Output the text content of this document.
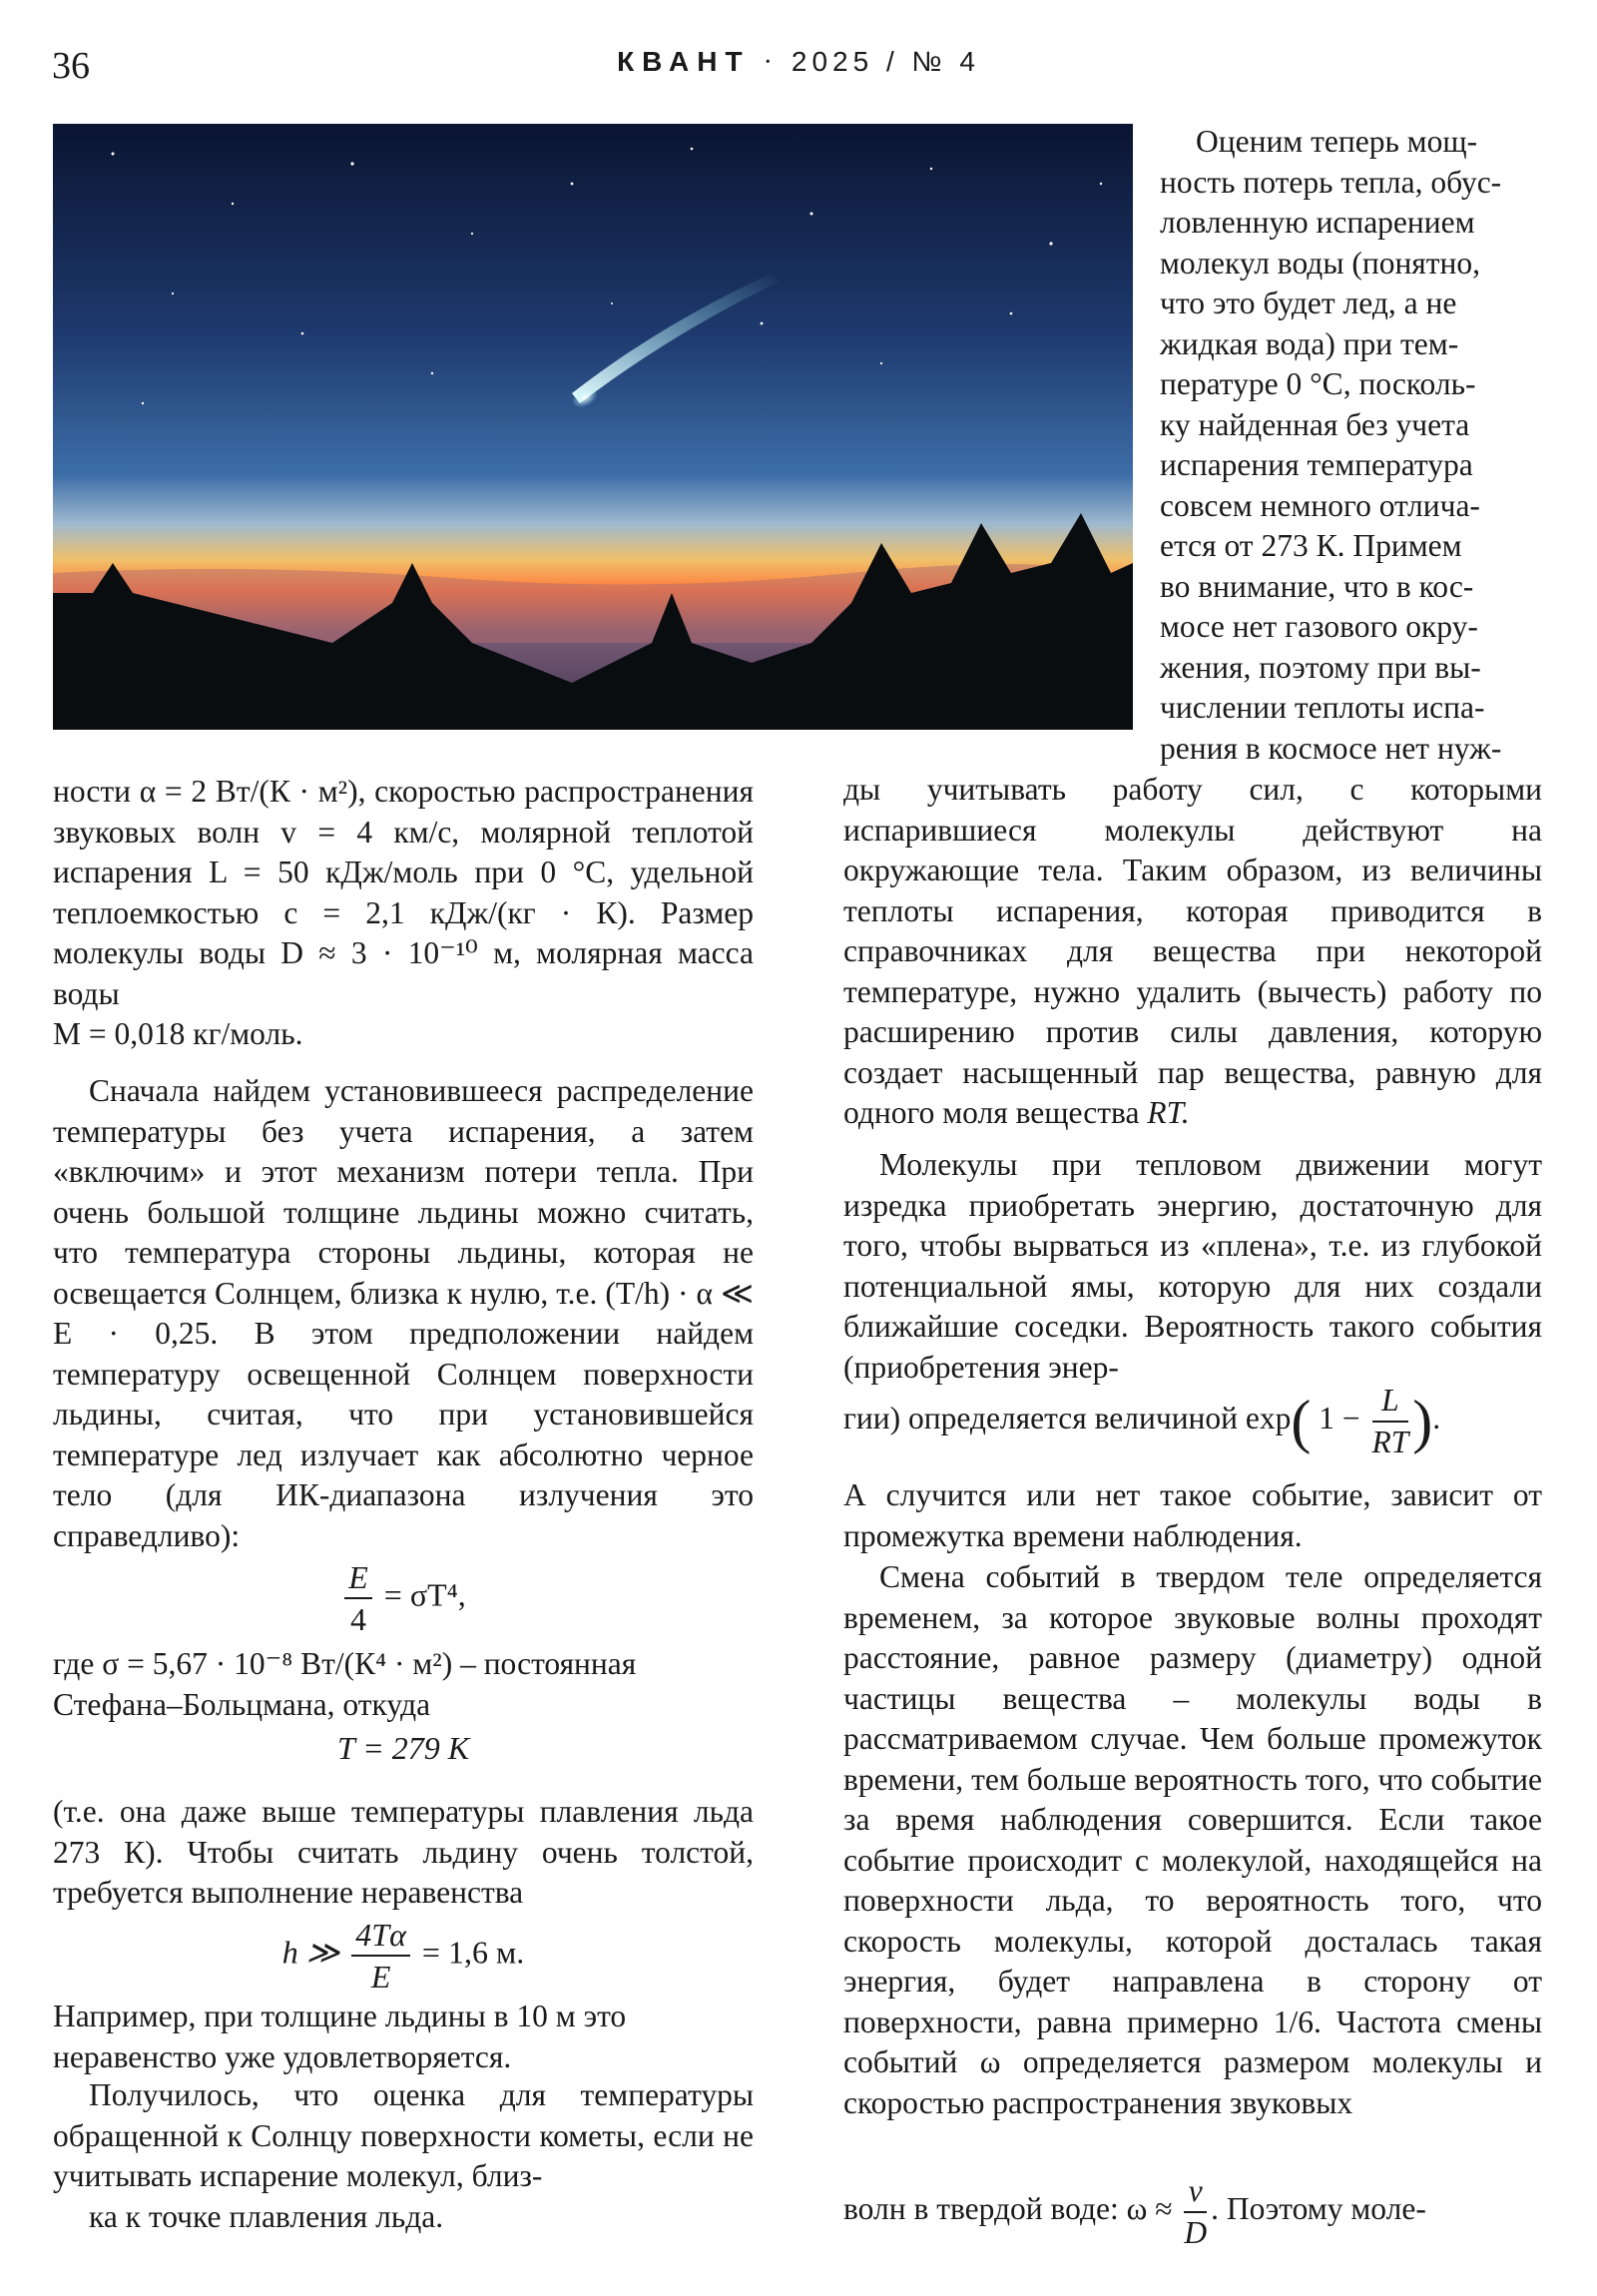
36	КВАНТ · 2025 / № 4
Оценим теперь мощ-
ность потерь тепла, обус-
ловленную испарением
молекул воды (понятно,
что это будет лед, а не
жидкая вода) при тем-
пературе 0 °С, посколь-
ку найденная без учета
испарения температура
совсем немного отлича-
ется от 273 К. Примем
во внимание, что в кос-
мосе нет газового окру-
жения, поэтому при вы-
числении теплоты испа-
рения в космосе нет нуж-

ды учитывать работу сил, с которыми испарившиеся молекулы действуют на окружающие тела. Таким образом, из величины теплоты испарения, которая приводится в справочниках для вещества при некоторой температуре, нужно удалить (вычесть) работу по расширению против силы давления, которую создает насыщенный пар вещества, равную для одного моля вещества RT.

Молекулы при тепловом движении могут изредка приобретать энергию, достаточную для того, чтобы вырваться из «плена», т.е. из глубокой потенциальной ямы, которую для них создали ближайшие соседки. Вероятность такого события (приобретения энер-

гии) определяется величиной exp( $1 - \frac{L}{RT}$ ).

А случится или нет такое событие, зависит от промежутка времени наблюдения.

Смена событий в твердом теле определяется временем, за которое звуковые волны проходят расстояние, равное размеру (диаметру) одной частицы вещества – молекулы воды в рассматриваемом случае. Чем больше промежуток времени, тем больше вероятность того, что событие за время наблюдения совершится. Если такое событие происходит с молекулой, находящейся на поверхности льда, то вероятность того, что скорость молекулы, которой досталась такая энергия, будет направлена в сторону от поверхности, равна примерно 1/6. Частота смены событий ω определяется размером молекулы и скоростью распространения звуковых

волн в твердой воде: $\omega \approx \frac{v}{D}$ . Поэтому моле-

ности α = 2 Вт/(К · м²), скоростью распространения звуковых волн v = 4 км/с, молярной теплотой испарения L = 50 кДж/моль при 0 °С, удельной теплоемкостью c = 2,1 кДж/(кг · К). Размер молекулы воды D ≈ 3 · 10⁻¹⁰ м, молярная масса воды
M = 0,018 кг/моль.

Сначала найдем установившееся распределение температуры без учета испарения, а затем «включим» и этот механизм потери тепла. При очень большой толщине льдины можно считать, что температура стороны льдины, которая не освещается Солнцем, близка к нулю, т.е. (T/h) · α ≪ E · 0,25. В этом предположении найдем температуру освещенной Солнцем поверхности льдины, считая, что при установившейся температуре лед излучает как абсолютно черное тело (для ИК-диапазона излучения это справедливо):

$\frac{E}{4} = \sigma T^4$,

где σ = 5,67 · 10⁻⁸ Вт/(К⁴ · м²) – постоянная
Стефана–Больцмана, откуда

T = 279 К

(т.е. она даже выше температуры плавления льда 273 К). Чтобы считать льдину очень толстой, требуется выполнение неравенства

h ≫ $\frac{4T\alpha}{E} = 1,6$ м.

Например, при толщине льдины в 10 м это
неравенство уже удовлетворяется.

Получилось, что оценка для температуры обращенной к Солнцу поверхности кометы, если не учитывать испарение молекул, близ-
ка к точке плавления льда.
